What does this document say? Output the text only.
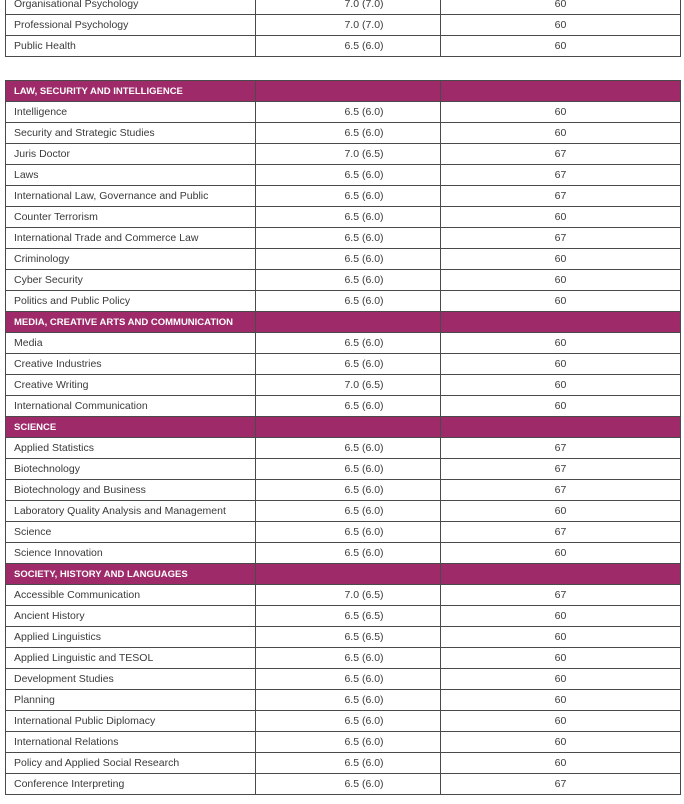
Organisational Psychology	7.0 (7.0)	60
Professional Psychology	7.0 (7.0)	60
Public Health	6.5 (6.0)	60
LAW, SECURITY AND INTELLIGENCE		
Intelligence	6.5 (6.0)	60
Security and Strategic Studies	6.5 (6.0)	60
Juris Doctor	7.0 (6.5)	67
Laws	6.5 (6.0)	67
International Law, Governance and Public	6.5 (6.0)	67
Counter Terrorism	6.5 (6.0)	60
International Trade and Commerce Law	6.5 (6.0)	67
Criminology	6.5 (6.0)	60
Cyber Security	6.5 (6.0)	60
Politics and Public Policy	6.5 (6.0)	60
MEDIA, CREATIVE ARTS AND COMMUNICATION		
Media	6.5 (6.0)	60
Creative Industries	6.5 (6.0)	60
Creative Writing	7.0 (6.5)	60
International Communication	6.5 (6.0)	60
SCIENCE		
Applied Statistics	6.5 (6.0)	67
Biotechnology	6.5 (6.0)	67
Biotechnology and Business	6.5 (6.0)	67
Laboratory Quality Analysis and Management	6.5 (6.0)	60
Science	6.5 (6.0)	67
Science Innovation	6.5 (6.0)	60
SOCIETY, HISTORY AND LANGUAGES		
Accessible Communication	7.0 (6.5)	67
Ancient History	6.5 (6.5)	60
Applied Linguistics	6.5 (6.5)	60
Applied Linguistic and TESOL	6.5 (6.0)	60
Development Studies	6.5 (6.0)	60
Planning	6.5 (6.0)	60
International Public Diplomacy	6.5 (6.0)	60
International Relations	6.5 (6.0)	60
Policy and Applied Social Research	6.5 (6.0)	60
Conference Interpreting	6.5 (6.0)	67
